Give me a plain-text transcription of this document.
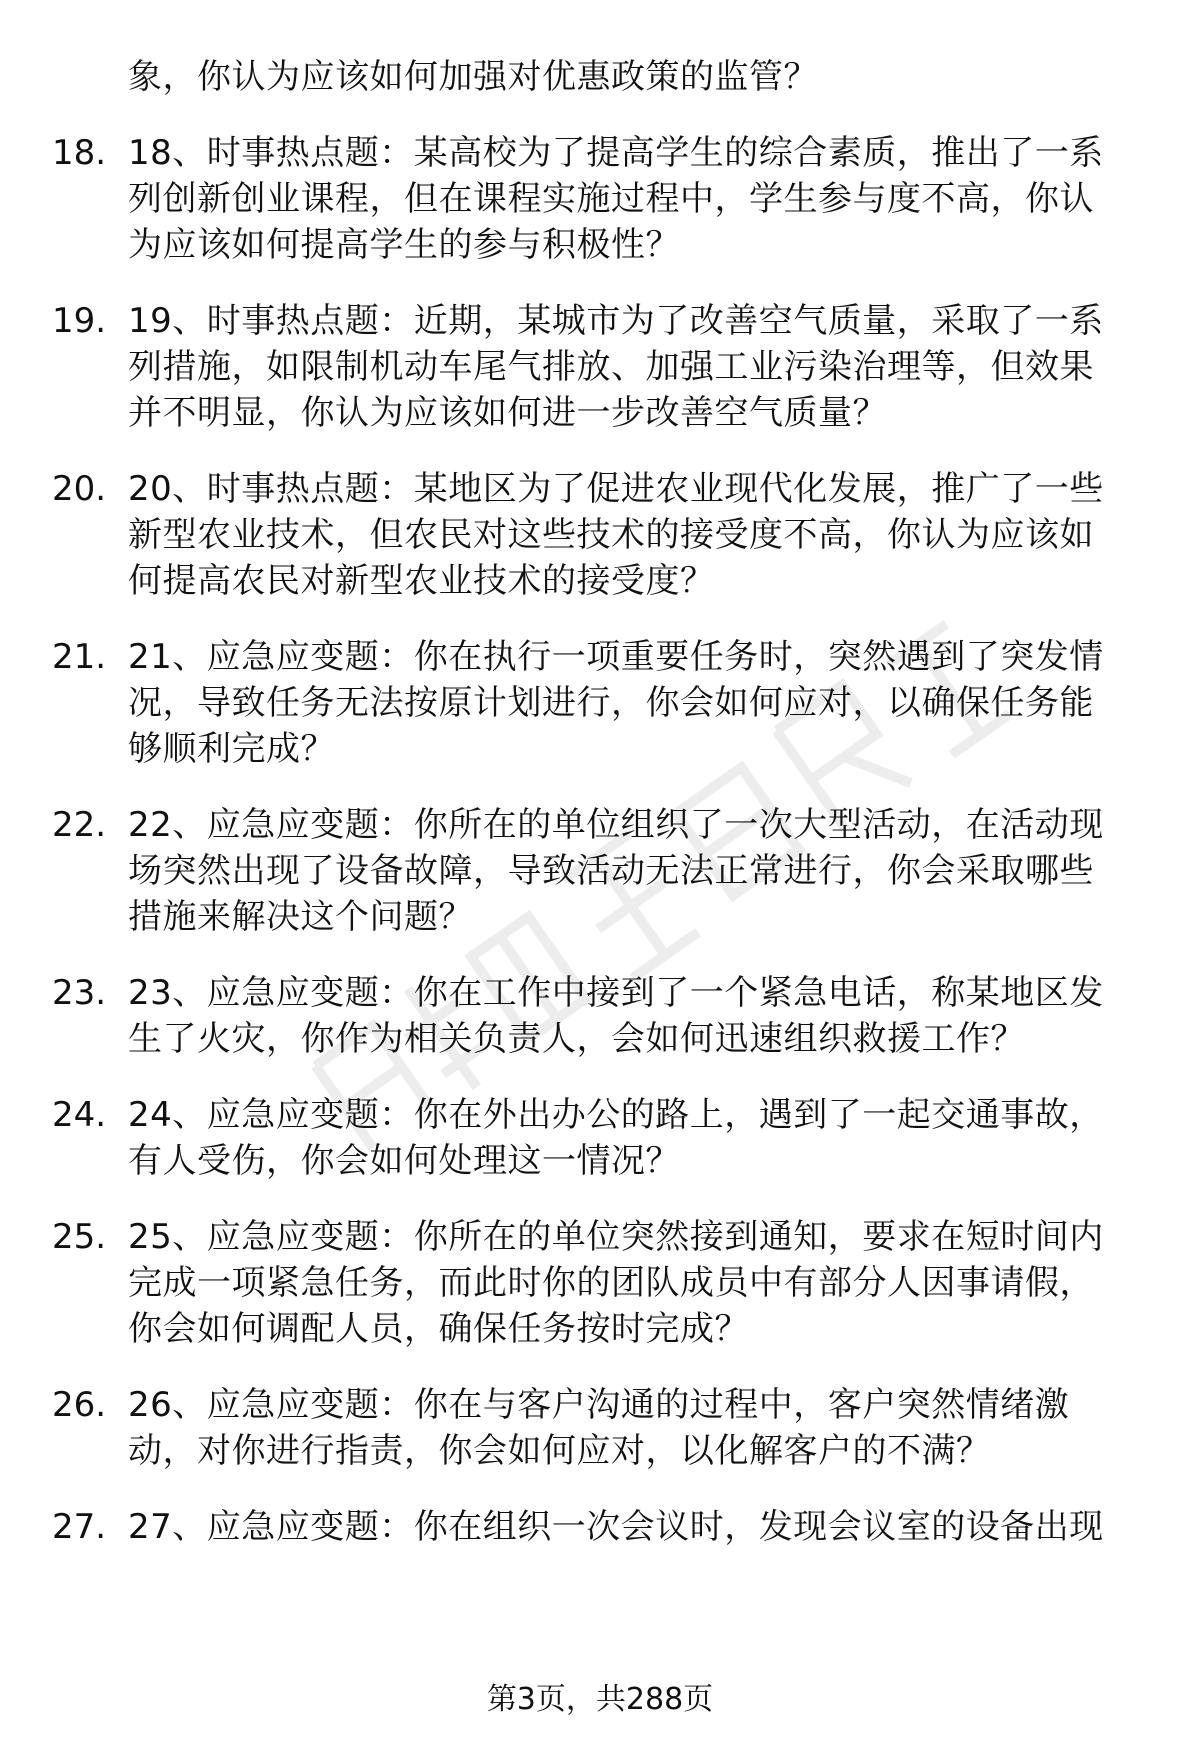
象，你认为应该如何加强对优惠政策的监管？
18. 18、时事热点题：某高校为了提高学生的综合素质，推出了一系
列创新创业课程，但在课程实施过程中，学生参与度不高，你认
为应该如何提高学生的参与积极性？
19. 19、时事热点题：近期，某城市为了改善空气质量，采取了一系
列措施，如限制机动车尾气排放、加强工业污染治理等，但效果
并不明显，你认为应该如何进一步改善空气质量？
20. 20、时事热点题：某地区为了促进农业现代化发展，推广了一些
新型农业技术，但农民对这些技术的接受度不高，你认为应该如
何提高农民对新型农业技术的接受度？
21. 21、应急应变题：你在执行一项重要任务时，突然遇到了突发情
况，导致任务无法按原计划进行，你会如何应对，以确保任务能
够顺利完成？
22. 22、应急应变题：你所在的单位组织了一次大型活动，在活动现
场突然出现了设备故障，导致活动无法正常进行，你会采取哪些
措施来解决这个问题？
23. 23、应急应变题：你在工作中接到了一个紧急电话，称某地区发
生了火灾，你作为相关负责人，会如何迅速组织救援工作？
24. 24、应急应变题：你在外出办公的路上，遇到了一起交通事故，
有人受伤，你会如何处理这一情况？
25. 25、应急应变题：你所在的单位突然接到通知，要求在短时间内
完成一项紧急任务，而此时你的团队成员中有部分人因事请假，
你会如何调配人员，确保任务按时完成？
26. 26、应急应变题：你在与客户沟通的过程中，客户突然情绪激
动，对你进行指责，你会如何应对，以化解客户的不满？
27. 27、应急应变题：你在组织一次会议时，发现会议室的设备出现
第3页，共288页
